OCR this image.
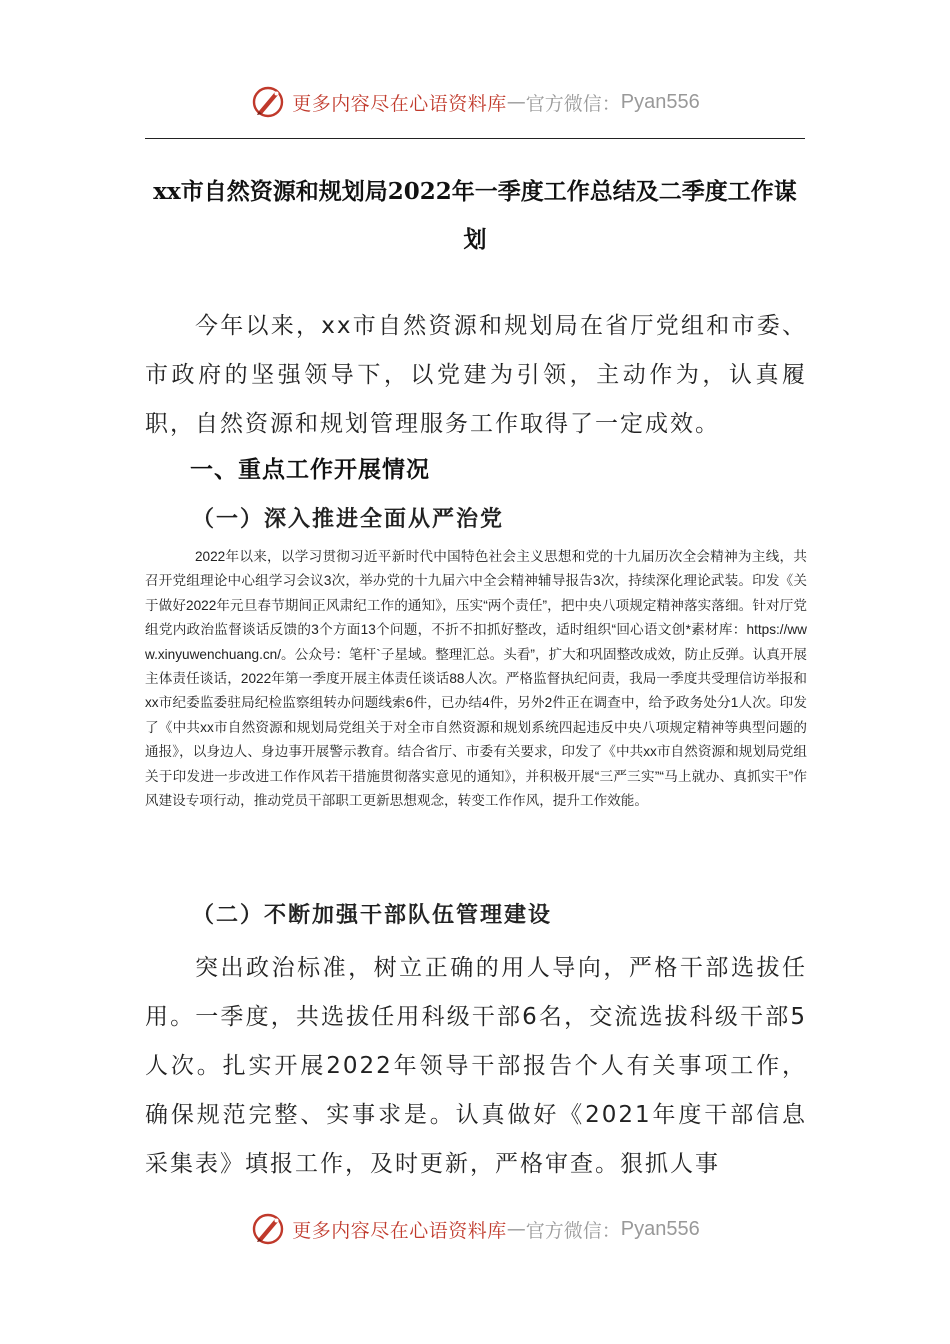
更多内容尽在心语资料库 — 官方微信： Pyan556
xx市自然资源和规划局2022年一季度工作总结及二季度工作谋划

今年以来，xx市自然资源和规划局在省厅党组和市委、市政府的坚强领导下，以党建为引领，主动作为，认真履职，自然资源和规划管理服务工作取得了一定成效。

一、重点工作开展情况
（一）深入推进全面从严治党

2022年以来，以学习贯彻习近平新时代中国特色社会主义思想和党的十九届历次全会精神为主线，共召开党组理论中心组学习会议3次，举办党的十九届六中全会精神辅导报告3次，持续深化理论武装。印发《关于做好2022年元旦春节期间正风肃纪工作的通知》，压实“两个责任”，把中央八项规定精神落实落细。针对厅党组党内政治监督谈话反馈的3个方面13个问题，不折不扣抓好整改，适时组织“回心语文创*素材库：https://www.xinyuwenchuang.cn/。公众号：笔杆`子星域。整理汇总。头看”，扩大和巩固整改成效，防止反弹。认真开展主体责任谈话，2022年第一季度开展主体责任谈话88人次。严格监督执纪问责，我局一季度共受理信访举报和xx市纪委监委驻局纪检监察组转办问题线索6件，已办结4件，另外2件正在调查中，给予政务处分1人次。印发了《中共xx市自然资源和规划局党组关于对全市自然资源和规划系统四起违反中央八项规定精神等典型问题的通报》，以身边人、身边事开展警示教育。结合省厅、市委有关要求，印发了《中共xx市自然资源和规划局党组关于印发进一步改进工作作风若干措施贯彻落实意见的通知》，并积极开展“三严三实”“马上就办、真抓实干”作风建设专项行动，推动党员干部职工更新思想观念，转变工作作风，提升工作效能。

（二）不断加强干部队伍管理建设

突出政治标准，树立正确的用人导向，严格干部选拔任用。一季度，共选拔任用科级干部6名，交流选拔科级干部5人次。扎实开展2022年领导干部报告个人有关事项工作，确保规范完整、实事求是。认真做好《2021年度干部信息采集表》填报工作，及时更新，严格审查。狠抓人事

更多内容尽在心语资料库 — 官方微信： Pyan556
